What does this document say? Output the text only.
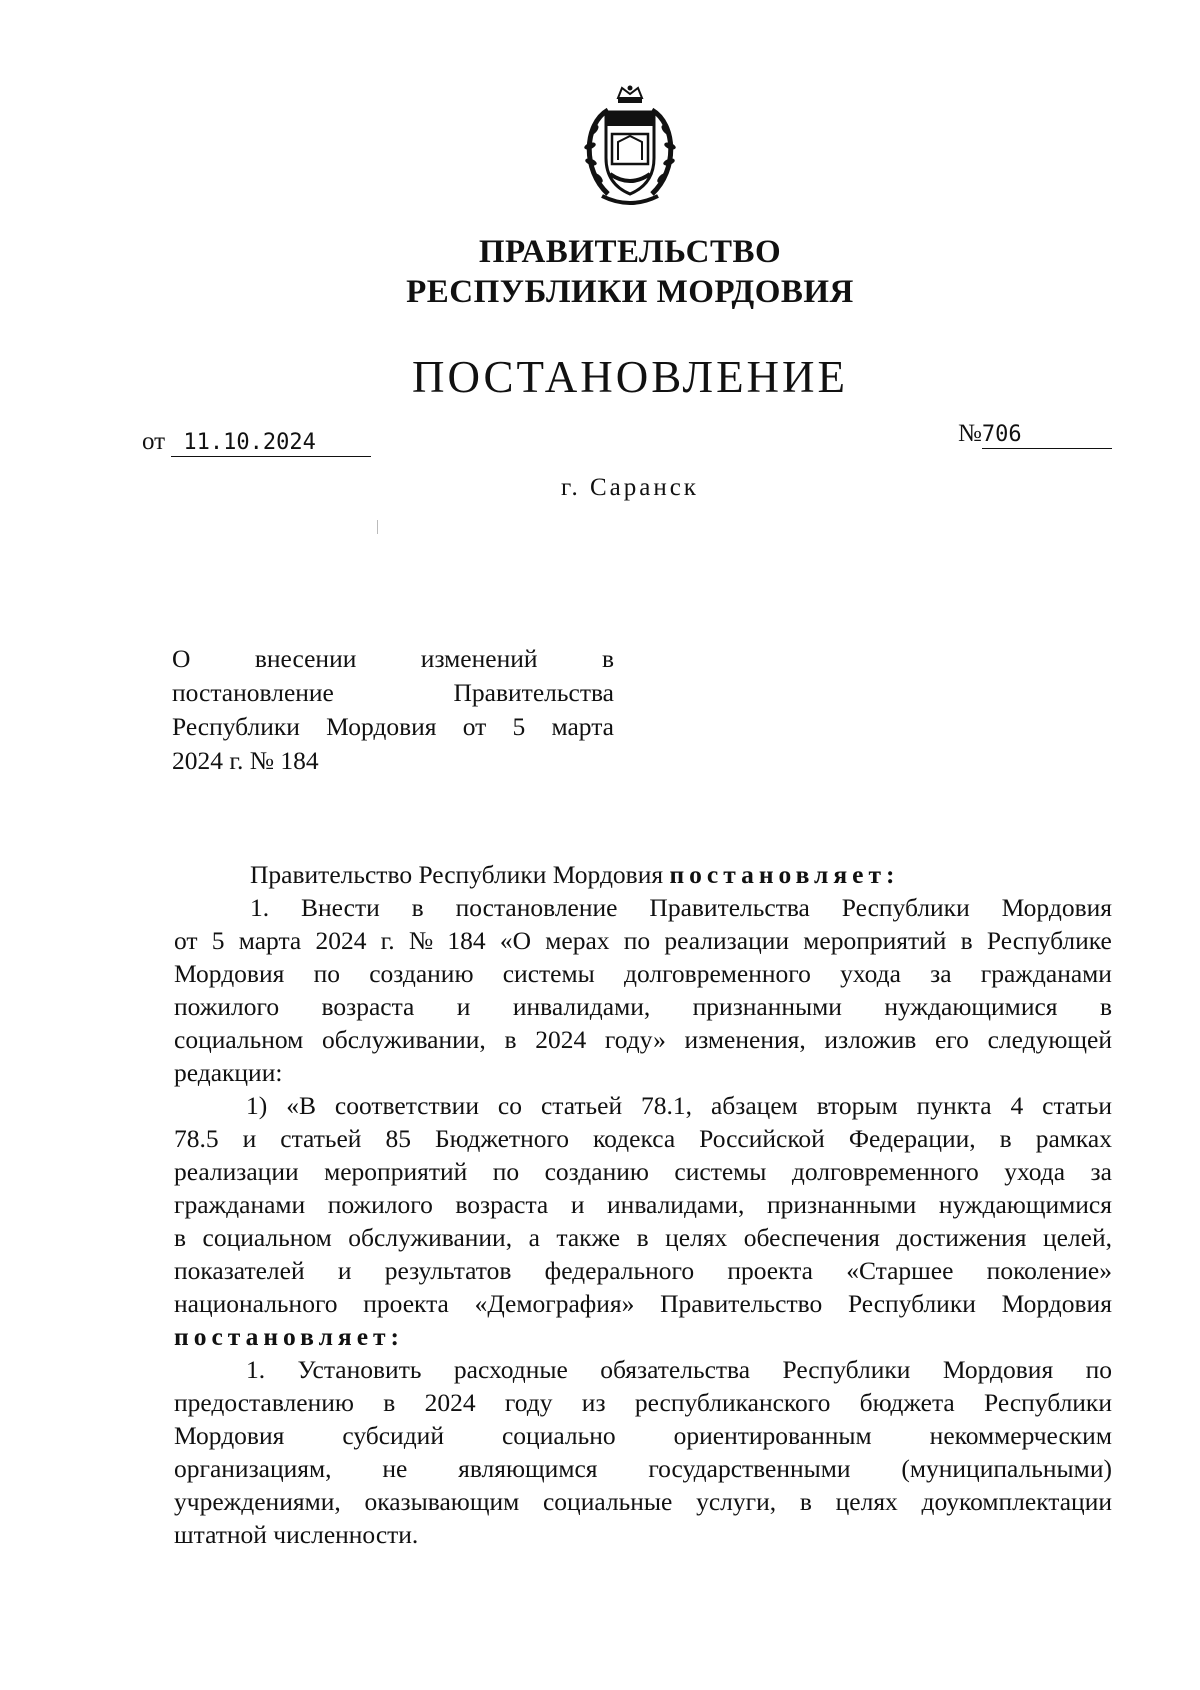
ПРАВИТЕЛЬСТВО
РЕСПУБЛИКИ МОРДОВИЯ
ПОСТАНОВЛЕНИЕ
от 11.10.2024	№706
г. Саранск
О	внесении	изменений	в
постановление	Правительства
Республики Мордовия от 5 марта
2024 г. № 184
Правительство Республики Мордовия постановляет:
1. Внести в постановление Правительства Республики Мордовия
от 5 марта 2024 г. № 184 «О мерах по реализации мероприятий в Республике
Мордовия по созданию системы долговременного ухода за гражданами
пожилого возраста и инвалидами, признанными нуждающимися в
социальном обслуживании, в 2024 году» изменения, изложив его следующей
редакции:
1) «В соответствии со статьей 78.1, абзацем вторым пункта 4 статьи
78.5 и статьей 85 Бюджетного кодекса Российской Федерации, в рамках
реализации мероприятий по созданию системы долговременного ухода за
гражданами пожилого возраста и инвалидами, признанными нуждающимися
в социальном обслуживании, а также в целях обеспечения достижения целей,
показателей и результатов федерального проекта «Старшее поколение»
национального проекта «Демография» Правительство Республики Мордовия
постановляет:
1. Установить расходные обязательства Республики Мордовия по
предоставлению в 2024 году из республиканского бюджета Республики
Мордовия субсидий социально ориентированным некоммерческим
организациям, не являющимся государственными (муниципальными)
учреждениями, оказывающим социальные услуги, в целях доукомплектации
штатной численности.
